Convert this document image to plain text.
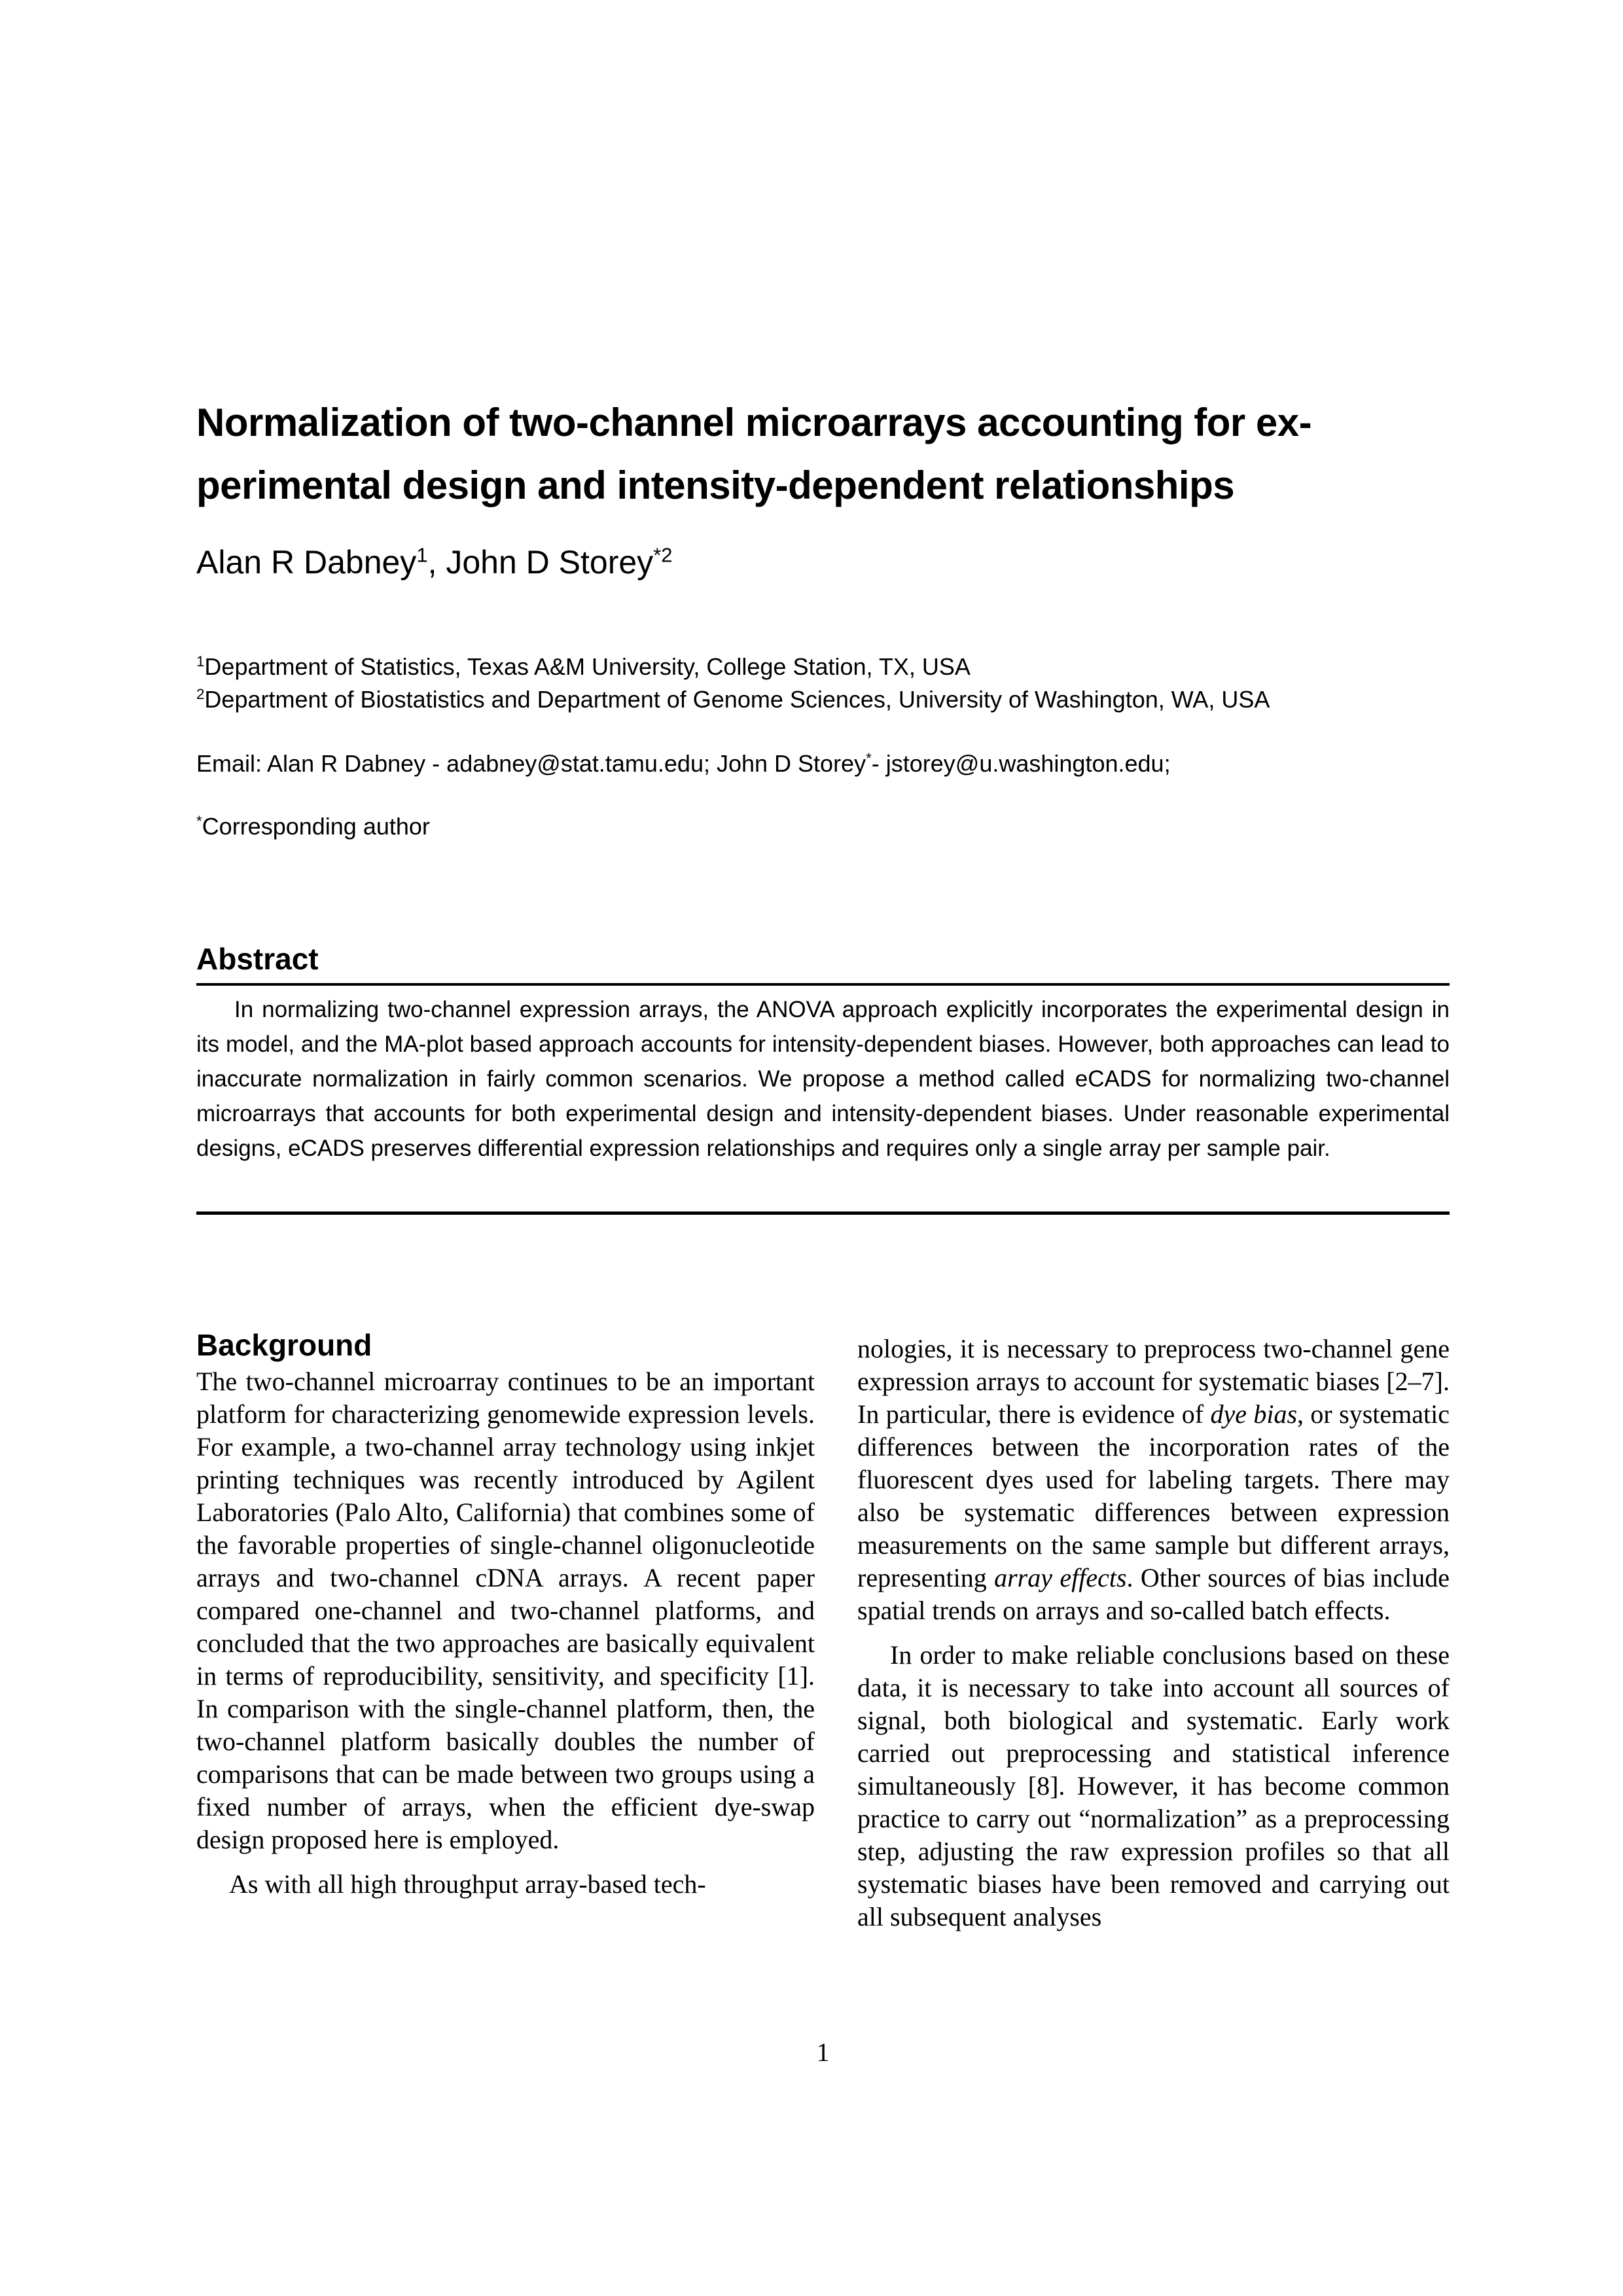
Normalization of two-channel microarrays accounting for ex-
perimental design and intensity-dependent relationships
Alan R Dabney$^1$, John D Storey$^{*2}$
$^1$Department of Statistics, Texas A&M University, College Station, TX, USA
$^2$Department of Biostatistics and Department of Genome Sciences, University of Washington, WA, USA
Email: Alan R Dabney - adabney@stat.tamu.edu; John D Storey*- jstorey@u.washington.edu;
*Corresponding author
Abstract
In normalizing two-channel expression arrays, the ANOVA approach explicitly incorporates the experimental design in its model, and the MA-plot based approach accounts for intensity-dependent biases. However, both approaches can lead to inaccurate normalization in fairly common scenarios. We propose a method called eCADS for normalizing two-channel microarrays that accounts for both experimental design and intensity-dependent biases. Under reasonable experimental designs, eCADS preserves differential expression relationships and requires only a single array per sample pair.
Background

The two-channel microarray continues to be an important platform for characterizing genomewide expression levels. For example, a two-channel array technology using inkjet printing techniques was recently introduced by Agilent Laboratories (Palo Alto, California) that combines some of the favorable properties of single-channel oligonucleotide arrays and two-channel cDNA arrays. A recent paper compared one-channel and two-channel platforms, and concluded that the two approaches are basically equivalent in terms of reproducibility, sensitivity, and specificity [1]. In comparison with the single-channel platform, then, the two-channel platform basically doubles the number of comparisons that can be made between two groups using a fixed number of arrays, when the efficient dye-swap design proposed here is employed.

As with all high throughput array-based tech-

nologies, it is necessary to preprocess two-channel gene expression arrays to account for systematic biases [2–7]. In particular, there is evidence of dye bias, or systematic differences between the incorporation rates of the fluorescent dyes used for labeling targets. There may also be systematic differences between expression measurements on the same sample but different arrays, representing array effects. Other sources of bias include spatial trends on arrays and so-called batch effects.

In order to make reliable conclusions based on these data, it is necessary to take into account all sources of signal, both biological and systematic. Early work carried out preprocessing and statistical inference simultaneously [8]. However, it has become common practice to carry out “normalization” as a preprocessing step, adjusting the raw expression profiles so that all systematic biases have been removed and carrying out all subsequent analyses

1
